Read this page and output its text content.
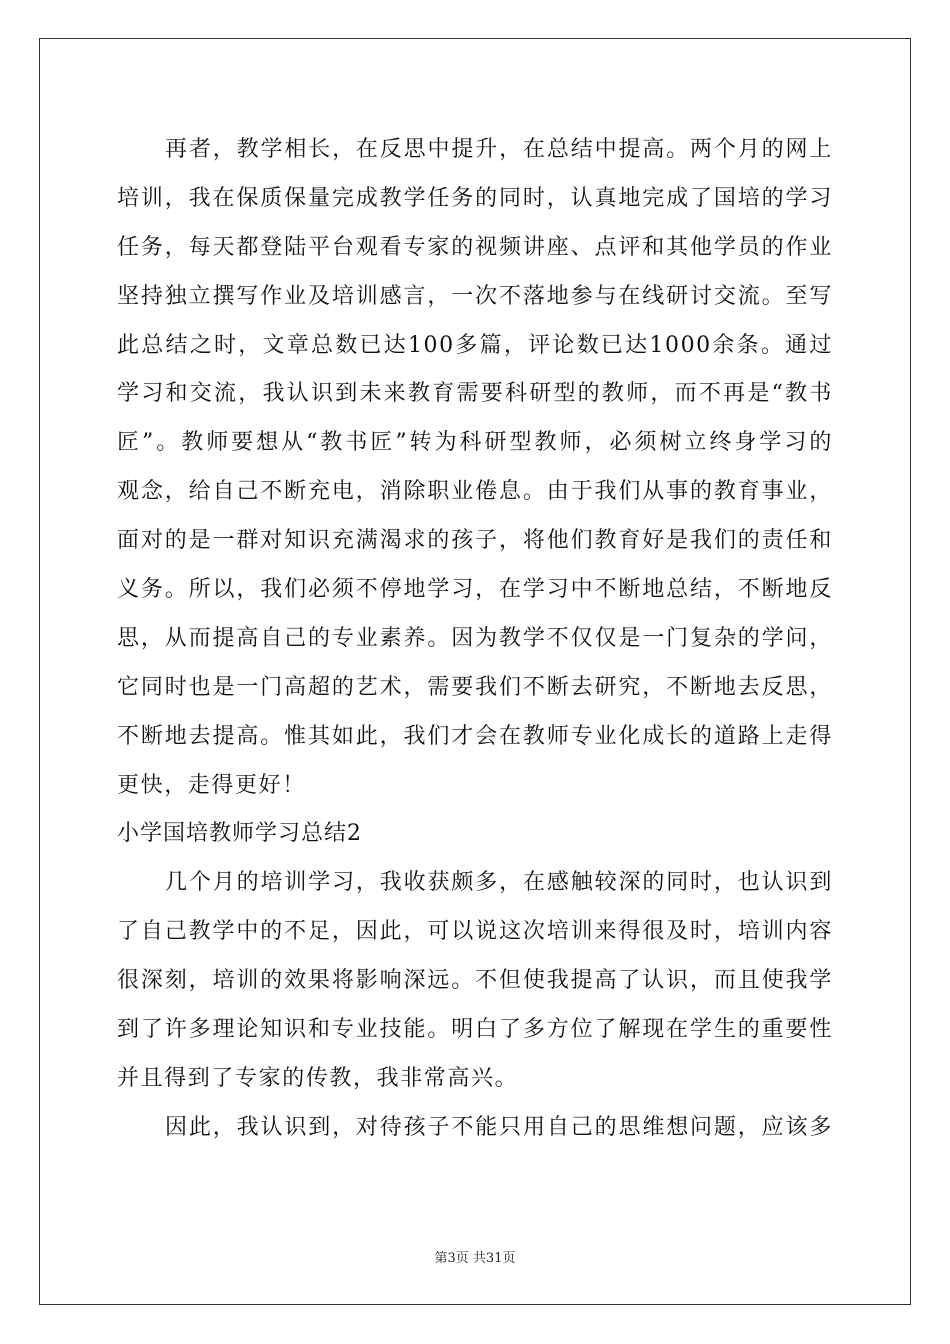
再者，教学相长，在反思中提升，在总结中提高。两个月的网上
培训，我在保质保量完成教学任务的同时，认真地完成了国培的学习
任务，每天都登陆平台观看专家的视频讲座、点评和其他学员的作业
坚持独立撰写作业及培训感言，一次不落地参与在线研讨交流。至写
此总结之时，文章总数已达100多篇，评论数已达1000余条。通过
学习和交流，我认识到未来教育需要科研型的教师，而不再是“教书
匠”。教师要想从“教书匠”转为科研型教师，必须树立终身学习的
观念，给自己不断充电，消除职业倦息。由于我们从事的教育事业，
面对的是一群对知识充满渴求的孩子，将他们教育好是我们的责任和
义务。所以，我们必须不停地学习，在学习中不断地总结，不断地反
思，从而提高自己的专业素养。因为教学不仅仅是一门复杂的学问，
它同时也是一门高超的艺术，需要我们不断去研究，不断地去反思，
不断地去提高。惟其如此，我们才会在教师专业化成长的道路上走得
更快，走得更好！
小学国培教师学习总结2
几个月的培训学习，我收获颇多，在感触较深的同时，也认识到
了自己教学中的不足，因此，可以说这次培训来得很及时，培训内容
很深刻，培训的效果将影响深远。不但使我提高了认识，而且使我学
到了许多理论知识和专业技能。明白了多方位了解现在学生的重要性
并且得到了专家的传教，我非常高兴。
因此，我认识到，对待孩子不能只用自己的思维想问题，应该多
第3页 共31页
